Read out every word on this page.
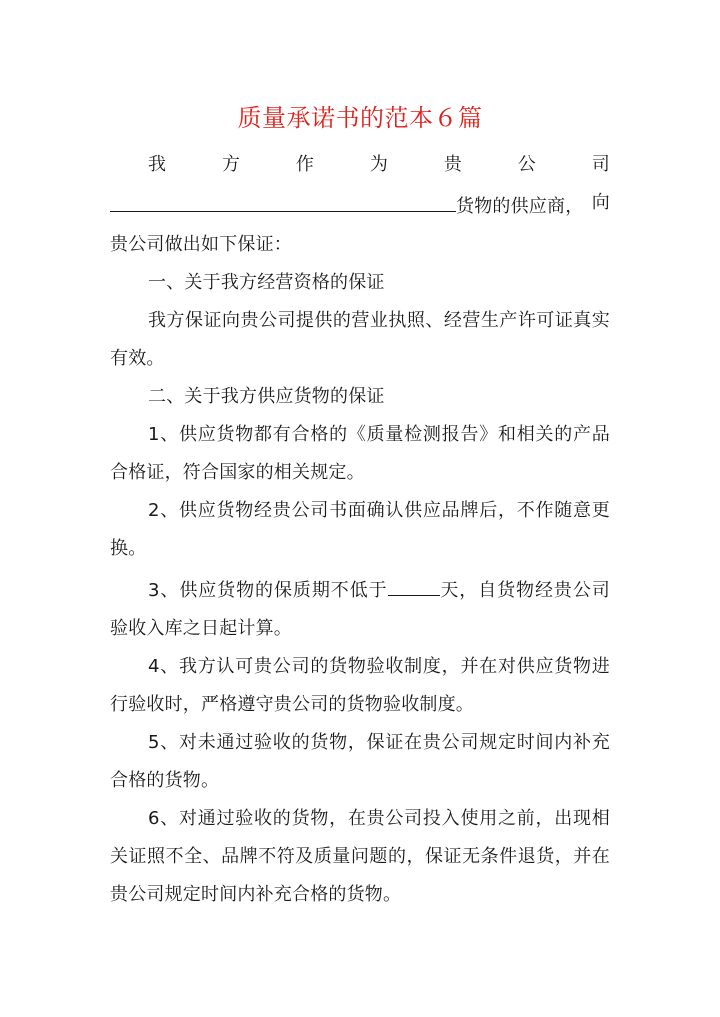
质量承诺书的范本６篇
我	方	作	为	贵	公	司
货物的供应商， 向
贵公司做出如下保证：

一、关于我方经营资格的保证

我方保证向贵公司提供的营业执照、经营生产许可证真实有效。

二、关于我方供应货物的保证

1、供应货物都有合格的《质量检测报告》和相关的产品合格证，符合国家的相关规定。

2、供应货物经贵公司书面确认供应品牌后，不作随意更换。

3、供应货物的保质期不低于	天，自货物经贵公司验收入库之日起计算。

4、我方认可贵公司的货物验收制度，并在对供应货物进行验收时，严格遵守贵公司的货物验收制度。

5、对未通过验收的货物，保证在贵公司规定时间内补充合格的货物。

6、对通过验收的货物，在贵公司投入使用之前，出现相关证照不全、品牌不符及质量问题的，保证无条件退货，并在贵公司规定时间内补充合格的货物。
